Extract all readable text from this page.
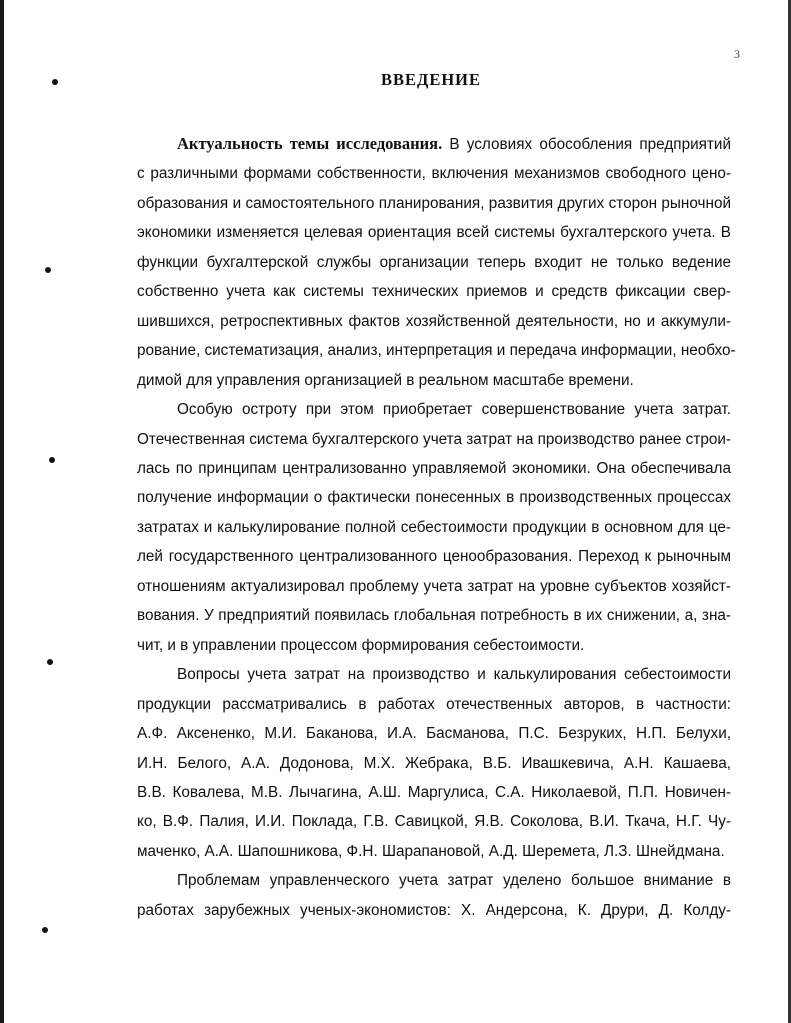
3
ВВЕДЕНИЕ
Актуальность темы исследования. В условиях обособления предприятий
с различными формами собственности, включения механизмов свободного цено-
образования и самостоятельного планирования, развития других сторон рыночной
экономики изменяется целевая ориентация всей системы бухгалтерского учета. В
функции бухгалтерской службы организации теперь входит не только ведение
собственно учета как системы технических приемов и средств фиксации свер-
шившихся, ретроспективных фактов хозяйственной деятельности, но и аккумули-
рование, систематизация, анализ, интерпретация и передача информации, необхо-
димой для управления организацией в реальном масштабе времени.
Особую остроту при этом приобретает совершенствование учета затрат.
Отечественная система бухгалтерского учета затрат на производство ранее строи-
лась по принципам централизованно управляемой экономики. Она обеспечивала
получение информации о фактически понесенных в производственных процессах
затратах и калькулирование полной себестоимости продукции в основном для це-
лей государственного централизованного ценообразования. Переход к рыночным
отношениям актуализировал проблему учета затрат на уровне субъектов хозяйст-
вования. У предприятий появилась глобальная потребность в их снижении, а, зна-
чит, и в управлении процессом формирования себестоимости.
Вопросы учета затрат на производство и калькулирования себестоимости
продукции рассматривались в работах отечественных авторов, в частности:
А.Ф. Аксененко, М.И. Баканова, И.А. Басманова, П.С. Безруких, Н.П. Белухи,
И.Н. Белого, А.А. Додонова, М.Х. Жебрака, В.Б. Ивашкевича, А.Н. Кашаева,
В.В. Ковалева, М.В. Лычагина, А.Ш. Маргулиса, С.А. Николаевой, П.П. Новичен-
ко, В.Ф. Палия, И.И. Поклада, Г.В. Савицкой, Я.В. Соколова, В.И. Ткача, Н.Г. Чу-
маченко, А.А. Шапошникова, Ф.Н. Шарапановой, А.Д. Шеремета, Л.З. Шнейдмана.
Проблемам управленческого учета затрат уделено большое внимание в
работах зарубежных ученых-экономистов: Х. Андерсона, К. Друри, Д. Колду-
